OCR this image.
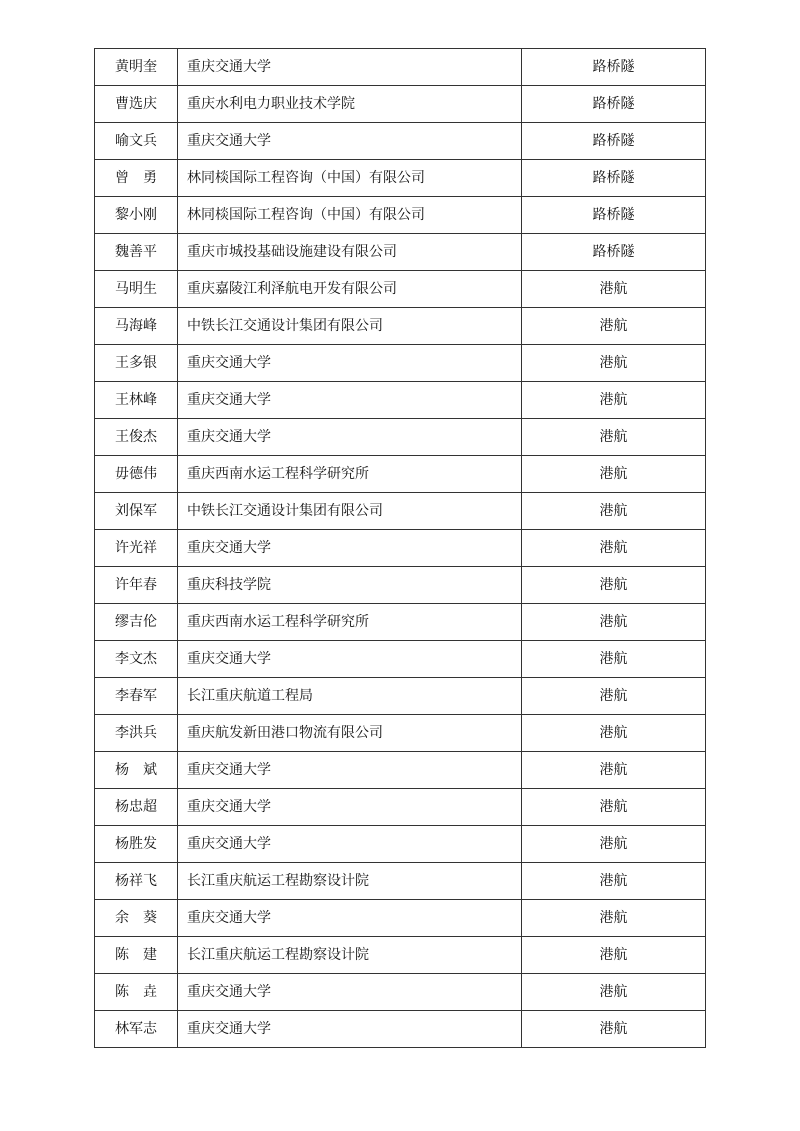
黄明奎	重庆交通大学	路桥隧
曹选庆	重庆水利电力职业技术学院	路桥隧
喻文兵	重庆交通大学	路桥隧
曾　勇	林同棪国际工程咨询（中国）有限公司	路桥隧
黎小刚	林同棪国际工程咨询（中国）有限公司	路桥隧
魏善平	重庆市城投基础设施建设有限公司	路桥隧
马明生	重庆嘉陵江利泽航电开发有限公司	港航
马海峰	中铁长江交通设计集团有限公司	港航
王多银	重庆交通大学	港航
王林峰	重庆交通大学	港航
王俊杰	重庆交通大学	港航
毋德伟	重庆西南水运工程科学研究所	港航
刘保军	中铁长江交通设计集团有限公司	港航
许光祥	重庆交通大学	港航
许年春	重庆科技学院	港航
缪吉伦	重庆西南水运工程科学研究所	港航
李文杰	重庆交通大学	港航
李春军	长江重庆航道工程局	港航
李洪兵	重庆航发新田港口物流有限公司	港航
杨　斌	重庆交通大学	港航
杨忠超	重庆交通大学	港航
杨胜发	重庆交通大学	港航
杨祥飞	长江重庆航运工程勘察设计院	港航
余　葵	重庆交通大学	港航
陈　建	长江重庆航运工程勘察设计院	港航
陈　垚	重庆交通大学	港航
林军志	重庆交通大学	港航
